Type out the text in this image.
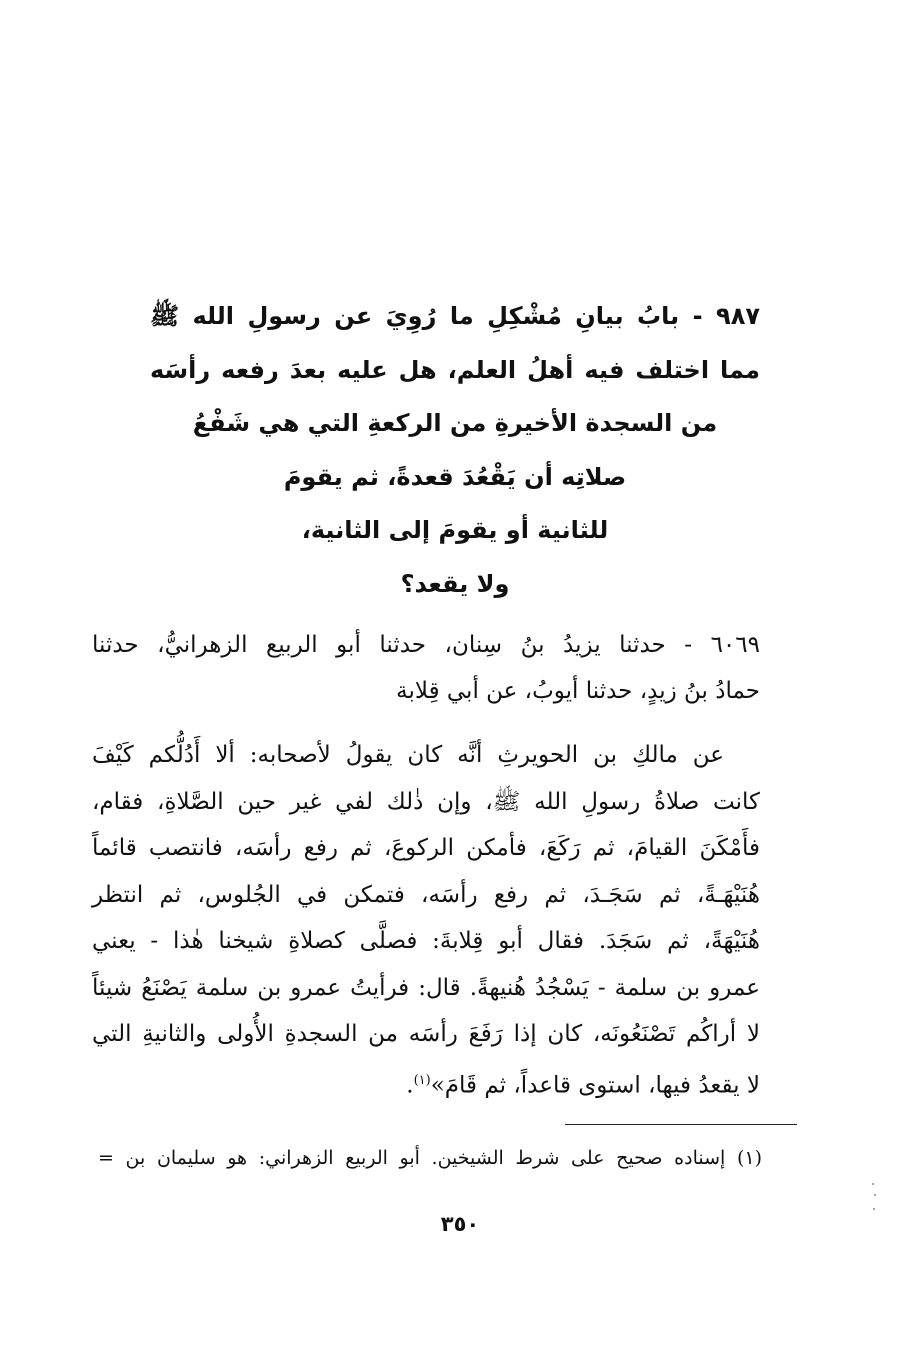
٩٨٧ - بابُ بيانِ مُشْكِلِ ما رُوِيَ عن رسولِ الله ﷺ
مما اختلف فيه أهلُ العلم، هل عليه بعدَ رفعه رأسَه
من السجدة الأخيرةِ من الركعةِ التي هي شَفْعُ
صلاتِه أن يَقْعُدَ قعدةً، ثم يقومَ
للثانية أو يقومَ إلى الثانية،
ولا يقعد؟
٦٠٦٩ - حدثنا يزيدُ بنُ سِنان، حدثنا أبو الربيع الزهرانيُّ، حدثنا
حمادُ بنُ زيدٍ، حدثنا أيوبُ، عن أبي قِلابة
عن مالكِ بن الحويرثِ أنَّه كان يقولُ لأصحابه: ألا أَدُلُّكم كَيْفَ
كانت صلاةُ رسولِ الله ﷺ، وإن ذٰلك لفي غير حين الصَّلاةِ، فقام،
فأَمْكَنَ القيامَ، ثم رَكَعَ، فأمكن الركوعَ، ثم رفع رأسَه، فانتصب قائماً
هُنَيْهَـةً، ثم سَجَـدَ، ثم رفع رأسَه، فتمكن في الجُلوس، ثم انتظر
هُنَيْهَةً، ثم سَجَدَ. فقال أبو قِلابةَ: فصلَّى كصلاةِ شيخنا هٰذا - يعني
عمرو بن سلمة - يَسْجُدُ هُنيهةً. قال: فرأيتُ عمرو بن سلمة يَصْنَعُ شيئاً
لا أراكُم تَصْنَعُونَه، كان إذا رَفَعَ رأسَه من السجدةِ الأُولى والثانيةِ التي
لا يقعدُ فيها، استوى قاعداً، ثم قَامَ»$^{(١)}$.
(١) إسناده صحيح على شرط الشيخين. أبو الربيع الزهراني: هو سليمان بن =
٣٥٠
